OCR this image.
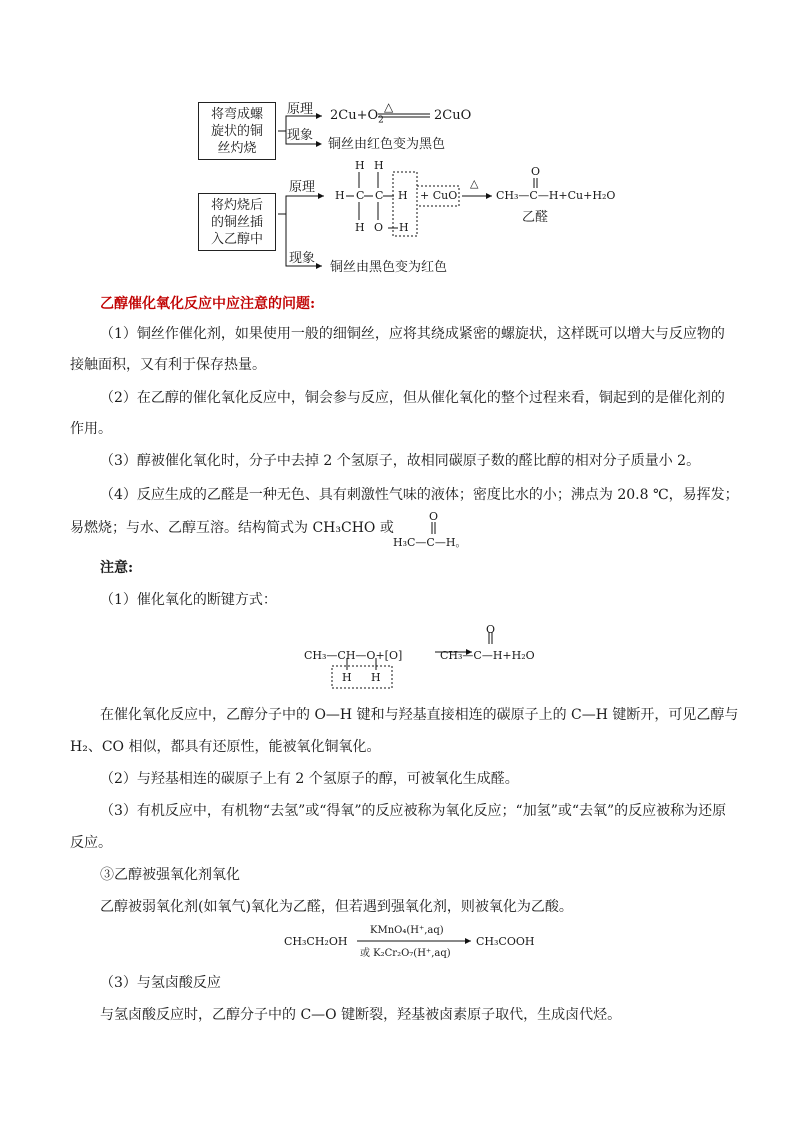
将弯成螺旋状的铜丝灼烧
原理 $2Cu+O_2$
△
2CuO
现象
铜丝由红色变为黑色
将灼烧后的铜丝插入乙醇中
原理
H H
H C C H
H O H
+ CuO
△
O
CH₃—C—H+Cu+H₂O
乙醛
现象
铜丝由黑色变为红色
乙醇催化氧化反应中应注意的问题:
（1）铜丝作催化剂，如果使用一般的细铜丝，应将其绕成紧密的螺旋状，这样既可以增大与反应物的
接触面积，又有利于保存热量。
（2）在乙醇的催化氧化反应中，铜会参与反应，但从催化氧化的整个过程来看，铜起到的是催化剂的
作用。
（3）醇被催化氧化时，分子中去掉 2 个氢原子，故相同碳原子数的醛比醇的相对分子质量小 2。
（4）反应生成的乙醛是一种无色、具有刺激性气味的液体；密度比水的小；沸点为 20.8 ℃，易挥发；
易燃烧；与水、乙醇互溶。结构简式为 CH₃CHO 或
O
H₃C—C—H。
注意:
（1）催化氧化的断键方式：
CH₃—CH—O+[O]
H H
O
CH₃—C—H+H₂O
在催化氧化反应中，乙醇分子中的 O—H 键和与羟基直接相连的碳原子上的 C—H 键断开，可见乙醇与
H₂、CO 相似，都具有还原性，能被氧化铜氧化。
（2）与羟基相连的碳原子上有 2 个氢原子的醇，可被氧化生成醛。
（3）有机反应中，有机物“去氢”或“得氧”的反应被称为氧化反应；“加氢”或“去氧”的反应被称为还原
反应。
③乙醇被强氧化剂氧化
乙醇被弱氧化剂(如氧气)氧化为乙醛，但若遇到强氧化剂，则被氧化为乙酸。
CH₃CH₂OH
KMnO₄(H⁺,aq)
或 K₂Cr₂O₇(H⁺,aq)
CH₃COOH
（3）与氢卤酸反应
与氢卤酸反应时，乙醇分子中的 C—O 键断裂，羟基被卤素原子取代，生成卤代烃。
